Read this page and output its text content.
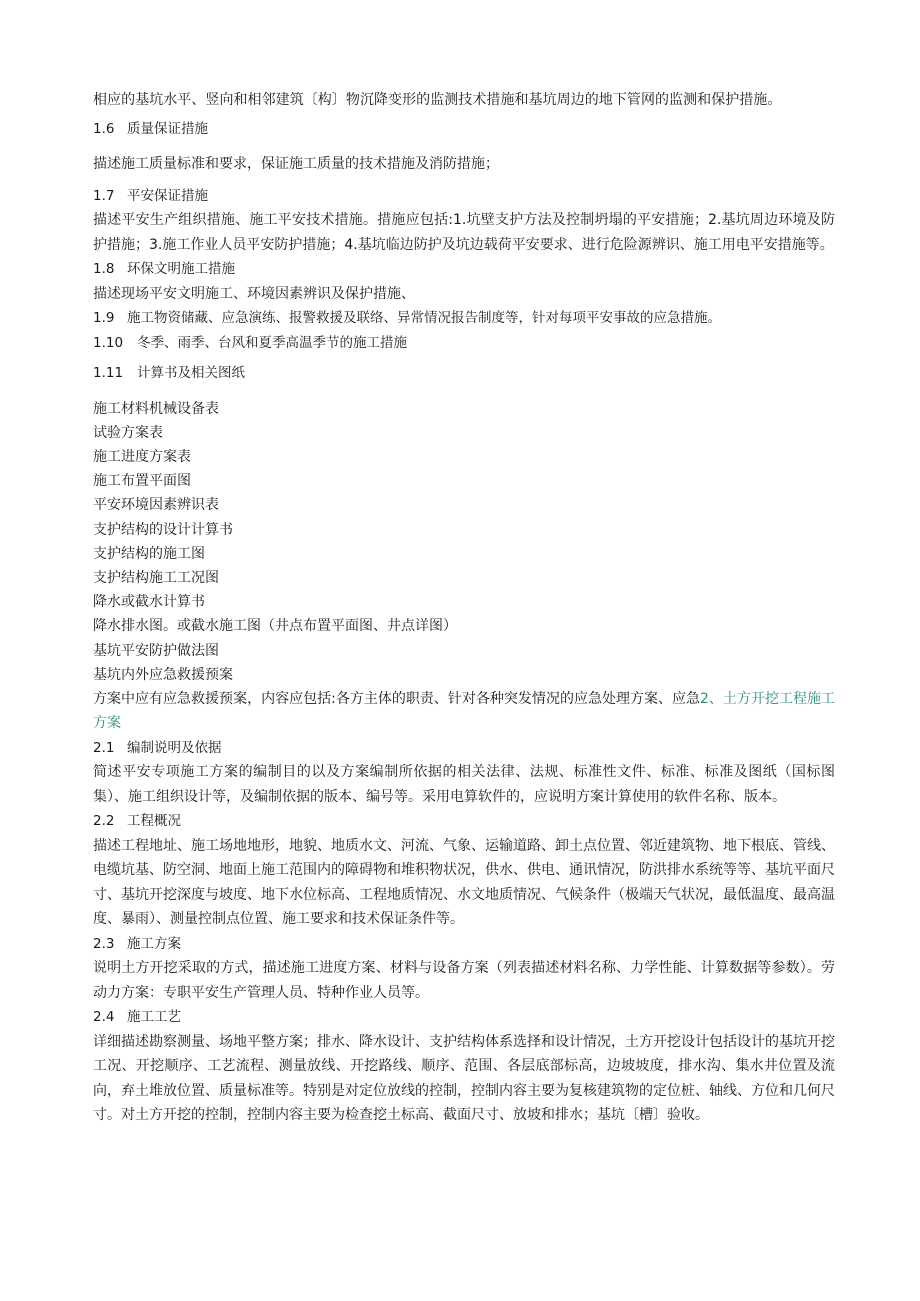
相应的基坑水平、竖向和相邻建筑〔构〕物沉降变形的监测技术措施和基坑周边的地下管网的监测和保护措施。

1.6 质量保证措施

描述施工质量标准和要求，保证施工质量的技术措施及消防措施；

1.7 平安保证措施

描述平安生产组织措施、施工平安技术措施。措施应包括:1.坑壁支护方法及控制坍塌的平安措施；2.基坑周边环境及防护措施；3.施工作业人员平安防护措施；4.基坑临边防护及坑边载荷平安要求、进行危险源辨识、施工用电平安措施等。

1.8 环保文明施工措施

描述现场平安文明施工、环境因素辨识及保护措施、

1.9 施工物资储藏、应急演练、报警救援及联络、异常情况报告制度等，针对每项平安事故的应急措施。

1.10 冬季、雨季、台风和夏季高温季节的施工措施

1.11 计算书及相关图纸

施工材料机械设备表

试验方案表

施工进度方案表

施工布置平面图

平安环境因素辨识表

支护结构的设计计算书

支护结构的施工图

支护结构施工工况图

降水或截水计算书

降水排水图。或截水施工图（井点布置平面图、井点详图）

基坑平安防护做法图

基坑内外应急救援预案

方案中应有应急救援预案，内容应包括:各方主体的职责、针对各种突发情况的应急处理方案、应急2、土方开挖工程施工方案

2.1 编制说明及依据

简述平安专项施工方案的编制目的以及方案编制所依据的相关法律、法规、标准性文件、标准、标准及图纸（国标图集）、施工组织设计等，及编制依据的版本、编号等。采用电算软件的，应说明方案计算使用的软件名称、版本。

2.2 工程概况

描述工程地址、施工场地地形，地貌、地质水文、河流、气象、运输道路、卸土点位置、邻近建筑物、地下根底、管线、电缆坑基、防空洞、地面上施工范围内的障碍物和堆积物状况，供水、供电、通讯情况，防洪排水系统等等、基坑平面尺寸、基坑开挖深度与坡度、地下水位标高、工程地质情况、水文地质情况、气候条件（极端天气状况，最低温度、最高温度、暴雨）、测量控制点位置、施工要求和技术保证条件等。

2.3 施工方案

说明土方开挖采取的方式，描述施工进度方案、材料与设备方案（列表描述材料名称、力学性能、计算数据等参数）。劳动力方案：专职平安生产管理人员、特种作业人员等。

2.4 施工工艺

详细描述勘察测量、场地平整方案；排水、降水设计、支护结构体系选择和设计情况，土方开挖设计包括设计的基坑开挖工况、开挖顺序、工艺流程、测量放线、开挖路线、顺序、范围、各层底部标高，边坡坡度，排水沟、集水井位置及流向，弃土堆放位置、质量标准等。特别是对定位放线的控制，控制内容主要为复核建筑物的定位桩、轴线、方位和几何尺寸。对土方开挖的控制，控制内容主要为检查挖土标高、截面尺寸、放坡和排水；基坑〔槽〕验收。
